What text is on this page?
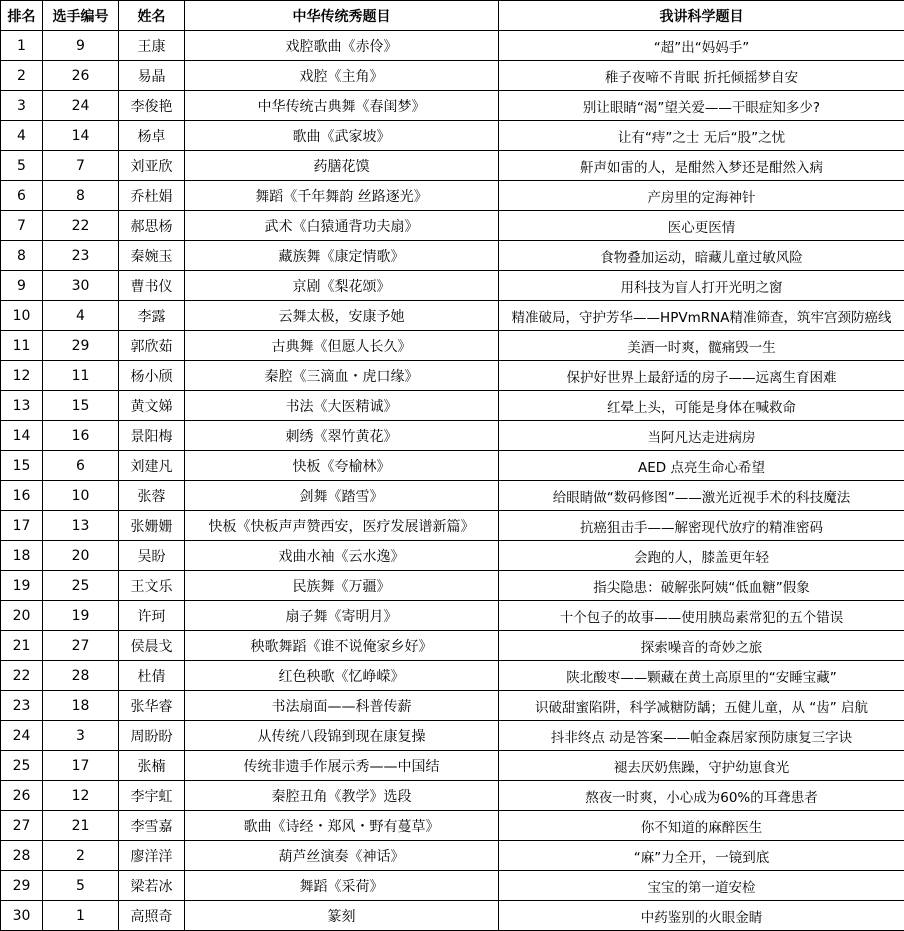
排名	选手编号	姓名	中华传统秀题目	我讲科学题目
1	9	王康	戏腔歌曲《赤伶》	“超”出“妈妈手”
2	26	易晶	戏腔《主角》	稚子夜啼不肯眠 折托倾摇梦自安
3	24	李俊艳	中华传统古典舞《春闺梦》	别让眼睛“渴”望关爱——干眼症知多少?
4	14	杨卓	歌曲《武家坡》	让有“痔”之士 无后“股”之忧
5	7	刘亚欣	药膳花馍	鼾声如雷的人，是酣然入梦还是酣然入病
6	8	乔杜娟	舞蹈《千年舞韵 丝路逐光》	产房里的定海神针
7	22	郝思杨	武术《白猿通背功夫扇》	医心更医情
8	23	秦婉玉	藏族舞《康定情歌》	食物叠加运动，暗藏儿童过敏风险
9	30	曹书仪	京剧《梨花颂》	用科技为盲人打开光明之窗
10	4	李露	云舞太极，安康予她	精准破局，守护芳华——HPVmRNA精准筛查，筑牢宫颈防癌线
11	29	郭欣茹	古典舞《但愿人长久》	美酒一时爽，髋痛毁一生
12	11	杨小颀	秦腔《三滴血・虎口缘》	保护好世界上最舒适的房子——远离生育困难
13	15	黄文娣	书法《大医精诚》	红晕上头，可能是身体在喊救命
14	16	景阳梅	刺绣《翠竹黄花》	当阿凡达走进病房
15	6	刘建凡	快板《夸榆林》	AED 点亮生命心希望
16	10	张蓉	剑舞《踏雪》	给眼睛做“数码修图”——激光近视手术的科技魔法
17	13	张姗姗	快板《快板声声赞西安，医疗发展谱新篇》	抗癌狙击手——解密现代放疗的精准密码
18	20	吴盼	戏曲水袖《云水逸》	会跑的人，膝盖更年轻
19	25	王文乐	民族舞《万疆》	指尖隐患：破解张阿姨“低血糖”假象
20	19	许珂	扇子舞《寄明月》	十个包子的故事——使用胰岛素常犯的五个错误
21	27	侯晨戈	秧歌舞蹈《谁不说俺家乡好》	探索噪音的奇妙之旅
22	28	杜倩	红色秧歌《忆峥嵘》	陕北酸枣——颗藏在黄土高原里的“安睡宝藏”
23	18	张华睿	书法扇面——科普传薪	识破甜蜜陷阱，科学减糖防龋；五健儿童，从 “齿” 启航
24	3	周盼盼	从传统八段锦到现在康复操	抖非终点 动是答案——帕金森居家预防康复三字诀
25	17	张楠	传统非遗手作展示秀——中国结	褪去厌奶焦躁，守护幼崽食光
26	12	李宇虹	秦腔丑角《教学》选段	熬夜一时爽，小心成为60%的耳聋患者
27	21	李雪嘉	歌曲《诗经・郑风・野有蔓草》	你不知道的麻醉医生
28	2	廖洋洋	葫芦丝演奏《神话》	“麻”力全开，一镜到底
29	5	梁若冰	舞蹈《采荷》	宝宝的第一道安检
30	1	高照奇	篆刻	中药鉴别的火眼金睛
